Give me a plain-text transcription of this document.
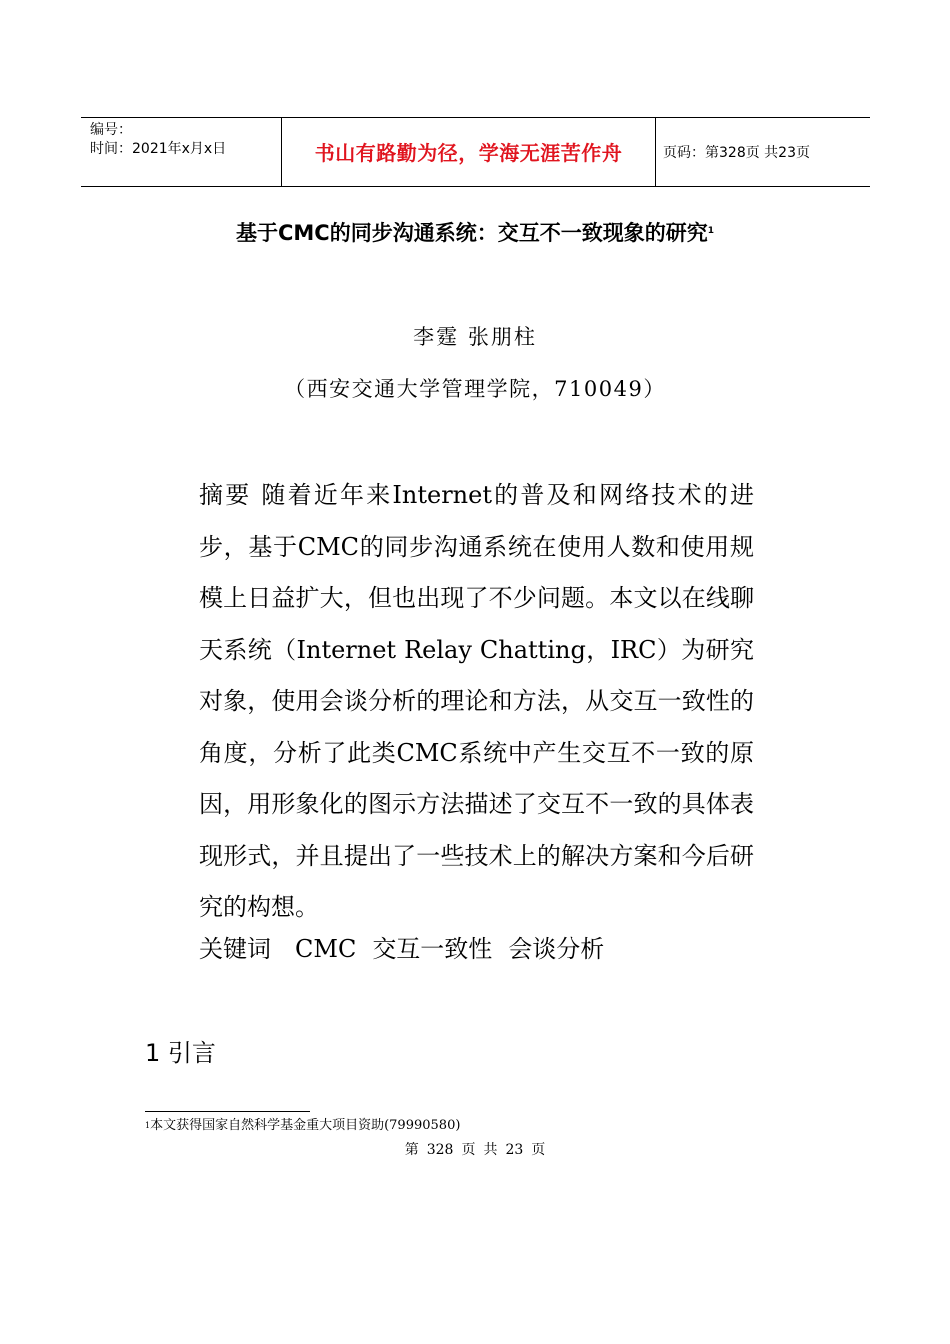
编号：
时间：2021年x月x日	书山有路勤为径，学海无涯苦作舟	页码：第328页 共23页
基于CMC的同步沟通系统：交互不一致现象的研究$^1$
李霆 张朋柱
（西安交通大学管理学院，710049）
摘要 随着近年来Internet的普及和网络技术的进步，基于CMC的同步沟通系统在使用人数和使用规模上日益扩大，但也出现了不少问题。本文以在线聊天系统（Internet Relay Chatting，IRC）为研究对象，使用会谈分析的理论和方法，从交互一致性的角度，分析了此类CMC系统中产生交互不一致的原因，用形象化的图示方法描述了交互不一致的具体表现形式，并且提出了一些技术上的解决方案和今后研究的构想。
关键词 CMC 交互一致性 会谈分析
1 引言
$^1$本文获得国家自然科学基金重大项目资助(79990580)
第 328 页 共 23 页
